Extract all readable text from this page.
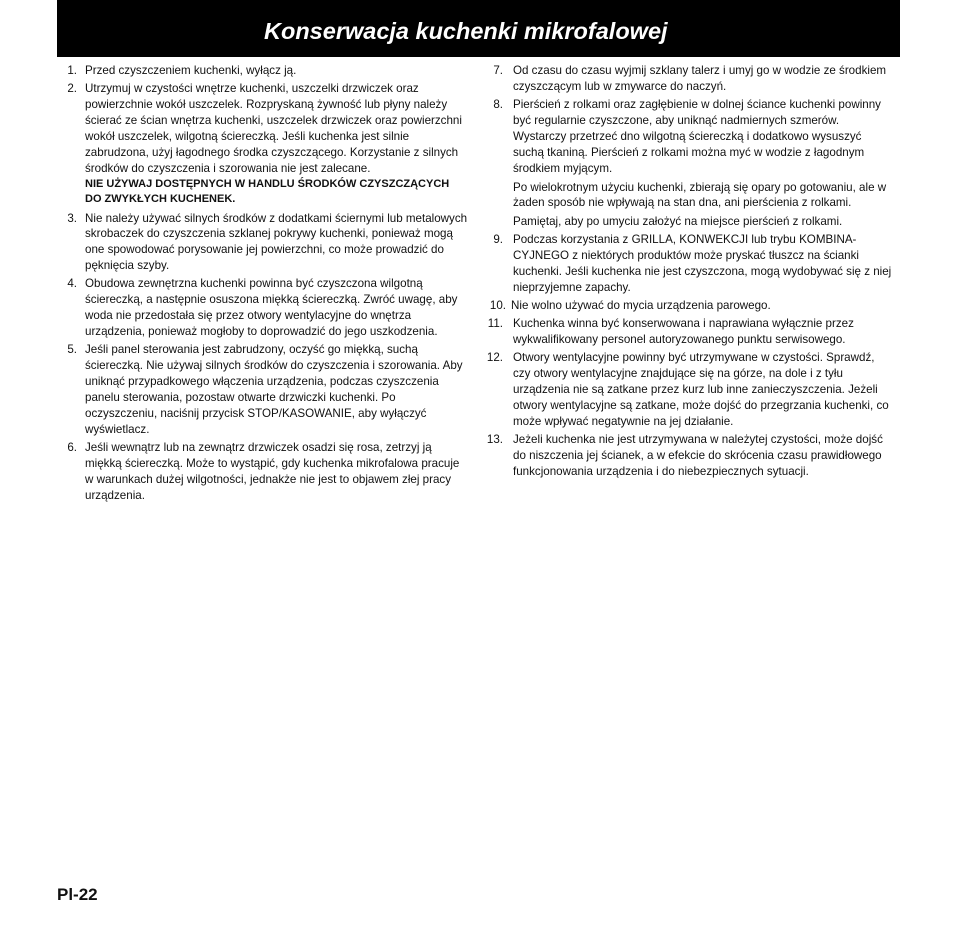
Konserwacja kuchenki mikrofalowej
1. Przed czyszczeniem kuchenki, wyłącz ją.

2. Utrzymuj w czystości wnętrze kuchenki, uszczelki drzwiczek oraz powierzchnie wokół uszczelek. Rozpryskaną żywność lub płyny należy ścierać ze ścian wnętrza kuchenki, uszczelek drzwiczek oraz powierzchni wokół uszczelek, wilgotną ściereczką. Jeśli kuchenka jest silnie zabrudzona, użyj łagodnego środka czyszczącego. Korzystanie z silnych środków do czyszczenia i szorowania nie jest zalecane.

NIE UŻYWAJ DOSTĘPNYCH W HANDLU ŚRODKÓW CZYSZCZĄCYCH DO ZWYKŁYCH KUCHENEK.

3. Nie należy używać silnych środków z dodatkami ściernymi lub metalowych skrobaczek do czyszczenia szklanej pokrywy kuchenki, ponieważ mogą one spowodować porysowanie jej powierzchni, co może prowadzić do pęknięcia szyby.

4. Obudowa zewnętrzna kuchenki powinna być czyszczona wilgotną ściereczką, a następnie osuszona miękką ściereczką. Zwróć uwagę, aby woda nie przedostała się przez otwory wentylacyjne do wnętrza urządzenia, ponieważ mogłoby to doprowadzić do jego uszkodzenia.

5. Jeśli panel sterowania jest zabrudzony, oczyść go miękką, suchą ściereczką. Nie używaj silnych środków do czyszczenia i szorowania. Aby uniknąć przypadkowego włączenia urządzenia, podczas czyszczenia panelu sterowania, pozostaw otwarte drzwiczki kuchenki. Po oczyszczeniu, naciśnij przycisk STOP/KASOWANIE, aby wyłączyć wyświetlacz.

6. Jeśli wewnątrz lub na zewnątrz drzwiczek osadzi się rosa, zetrzyj ją miękką ściereczką. Może to wystąpić, gdy kuchenka mikrofalowa pracuje w warunkach dużej wilgotności, jednakże nie jest to objawem złej pracy urządzenia.

7. Od czasu do czasu wyjmij szklany talerz i umyj go w wodzie ze środkiem czyszczącym lub w zmywarce do naczyń.

8. Pierścień z rolkami oraz zagłębienie w dolnej ściance kuchenki powinny być regularnie czyszczone, aby uniknąć nadmiernych szmerów. Wystarczy przetrzeć dno wilgotną ściereczką i dodatkowo wysuszyć suchą tkaniną. Pierścień z rolkami można myć w wodzie z łagodnym środkiem myjącym.

Po wielokrotnym użyciu kuchenki, zbierają się opary po gotowaniu, ale w żaden sposób nie wpływają na stan dna, ani pierścienia z rolkami.

Pamiętaj, aby po umyciu założyć na miejsce pierścień z rolkami.

9. Podczas korzystania z GRILLA, KONWEKCJI lub trybu KOMBINA-CYJNEGO z niektórych produktów może pryskać tłuszcz na ścianki kuchenki. Jeśli kuchenka nie jest czyszczona, mogą wydobywać się z niej nieprzyjemne zapachy.

10. Nie wolno używać do mycia urządzenia parowego.

11. Kuchenka winna być konserwowana i naprawiana wyłącznie przez wykwalifikowany personel autoryzowanego punktu serwisowego.

12. Otwory wentylacyjne powinny być utrzymywane w czystości. Sprawdź, czy otwory wentylacyjne znajdujące się na górze, na dole i z tyłu urządzenia nie są zatkane przez kurz lub inne zanieczyszczenia. Jeżeli otwory wentylacyjne są zatkane, może dojść do przegrzania kuchenki, co może wpływać negatywnie na jej działanie.

13. Jeżeli kuchenka nie jest utrzymywana w należytej czystości, może dojść do niszczenia jej ścianek, a w efekcie do skrócenia czasu prawidłowego funkcjonowania urządzenia i do niebezpiecznych sytuacji.

Pl-22
